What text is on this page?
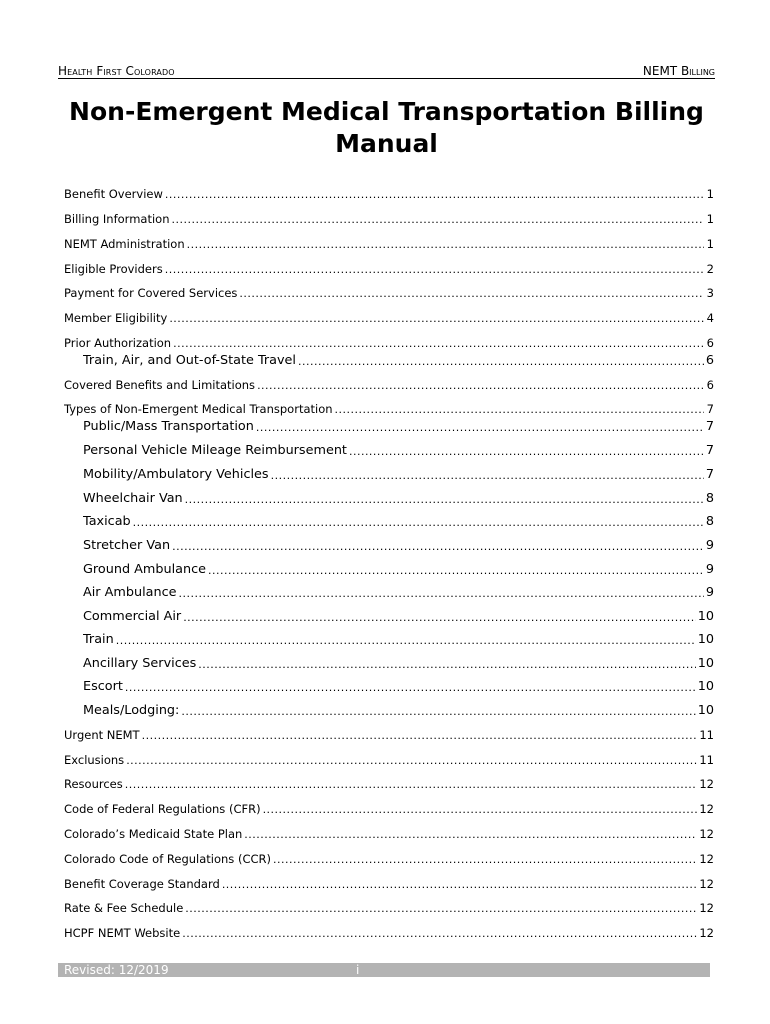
Health First Colorado	NEMT Billing
Non-Emergent Medical Transportation Billing
Manual
Benefit Overview .....	1
Billing Information .....	1
NEMT Administration .....	1
Eligible Providers .....	2
Payment for Covered Services .....	3
Member Eligibility .....	4
Prior Authorization .....	6
Train, Air, and Out-of-State Travel .....	6
Covered Benefits and Limitations .....	6
Types of Non-Emergent Medical Transportation .....	7
Public/Mass Transportation .....	7
Personal Vehicle Mileage Reimbursement .....	7
Mobility/Ambulatory Vehicles .....	7
Wheelchair Van .....	8
Taxicab .....	8
Stretcher Van .....	9
Ground Ambulance .....	9
Air Ambulance .....	9
Commercial Air .....	10
Train .....	10
Ancillary Services .....	10
Escort .....	10
Meals/Lodging: .....	10
Urgent NEMT .....	11
Exclusions .....	11
Resources .....	12
Code of Federal Regulations (CFR) .....	12
Colorado’s Medicaid State Plan .....	12
Colorado Code of Regulations (CCR) .....	12
Benefit Coverage Standard .....	12
Rate & Fee Schedule .....	12
HCPF NEMT Website .....	12
Revised: 12/2019	i
